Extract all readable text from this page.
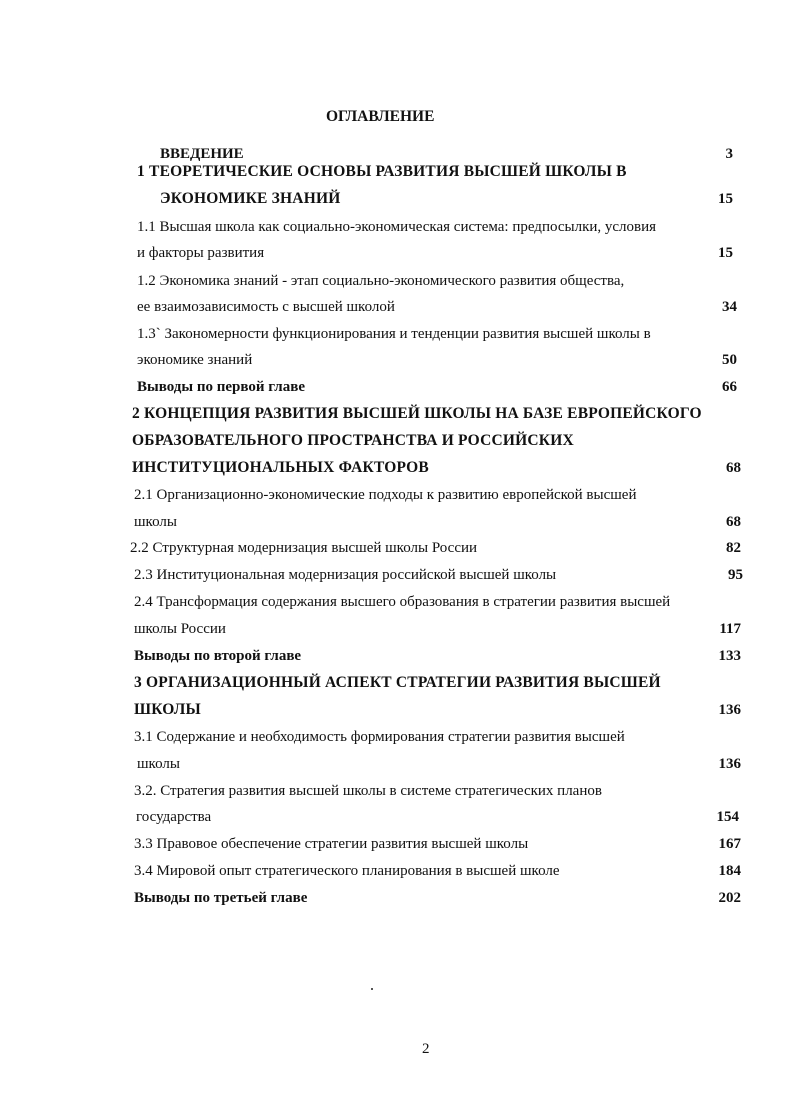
ОГЛАВЛЕНИЕ
ВВЕДЕНИЕ	3
1 ТЕОРЕТИЧЕСКИЕ ОСНОВЫ РАЗВИТИЯ ВЫСШЕЙ ШКОЛЫ В
ЭКОНОМИКЕ ЗНАНИЙ	15
1.1 Высшая школа как социально-экономическая система: предпосылки, условия
и факторы развития	15
1.2 Экономика знаний - этап социально-экономического развития общества,
ее взаимозависимость с высшей школой	34
1.3` Закономерности функционирования и тенденции развития высшей школы в
экономике знаний	50
Выводы по первой главе	66
2 КОНЦЕПЦИЯ РАЗВИТИЯ ВЫСШЕЙ ШКОЛЫ НА БАЗЕ ЕВРОПЕЙСКОГО
ОБРАЗОВАТЕЛЬНОГО ПРОСТРАНСТВА И РОССИЙСКИХ
ИНСТИТУЦИОНАЛЬНЫХ ФАКТОРОВ	68
2.1 Организационно-экономические подходы к развитию европейской высшей
школы	68
2.2 Структурная модернизация высшей школы России	82
2.3 Институциональная модернизация российской высшей школы	95
2.4 Трансформация содержания высшего образования в стратегии развития высшей
школы России	117
Выводы по второй главе	133
3 ОРГАНИЗАЦИОННЫЙ АСПЕКТ СТРАТЕГИИ РАЗВИТИЯ ВЫСШЕЙ
ШКОЛЫ	136
3.1 Содержание и необходимость формирования стратегии развития высшей
школы	136
3.2. Стратегия развития высшей школы в системе стратегических планов
государства	154
3.3 Правовое обеспечение стратегии развития высшей школы	167
3.4 Мировой опыт стратегического планирования в высшей школе	184
Выводы по третьей главе	202
2
